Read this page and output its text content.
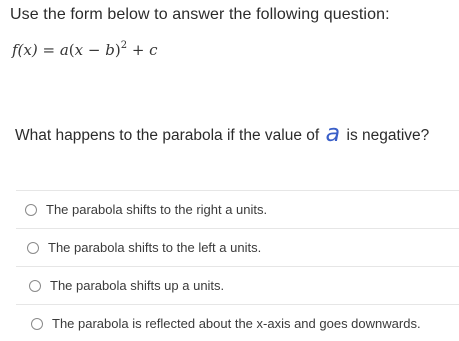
Use the form below to answer the following question:
$f(x) = a(x - b)^2 + c$
What happens to the parabola if the value of a is negative?
The parabola shifts to the right a units.
The parabola shifts to the left a units.
The parabola shifts up a units.
The parabola is reflected about the x-axis and goes downwards.
